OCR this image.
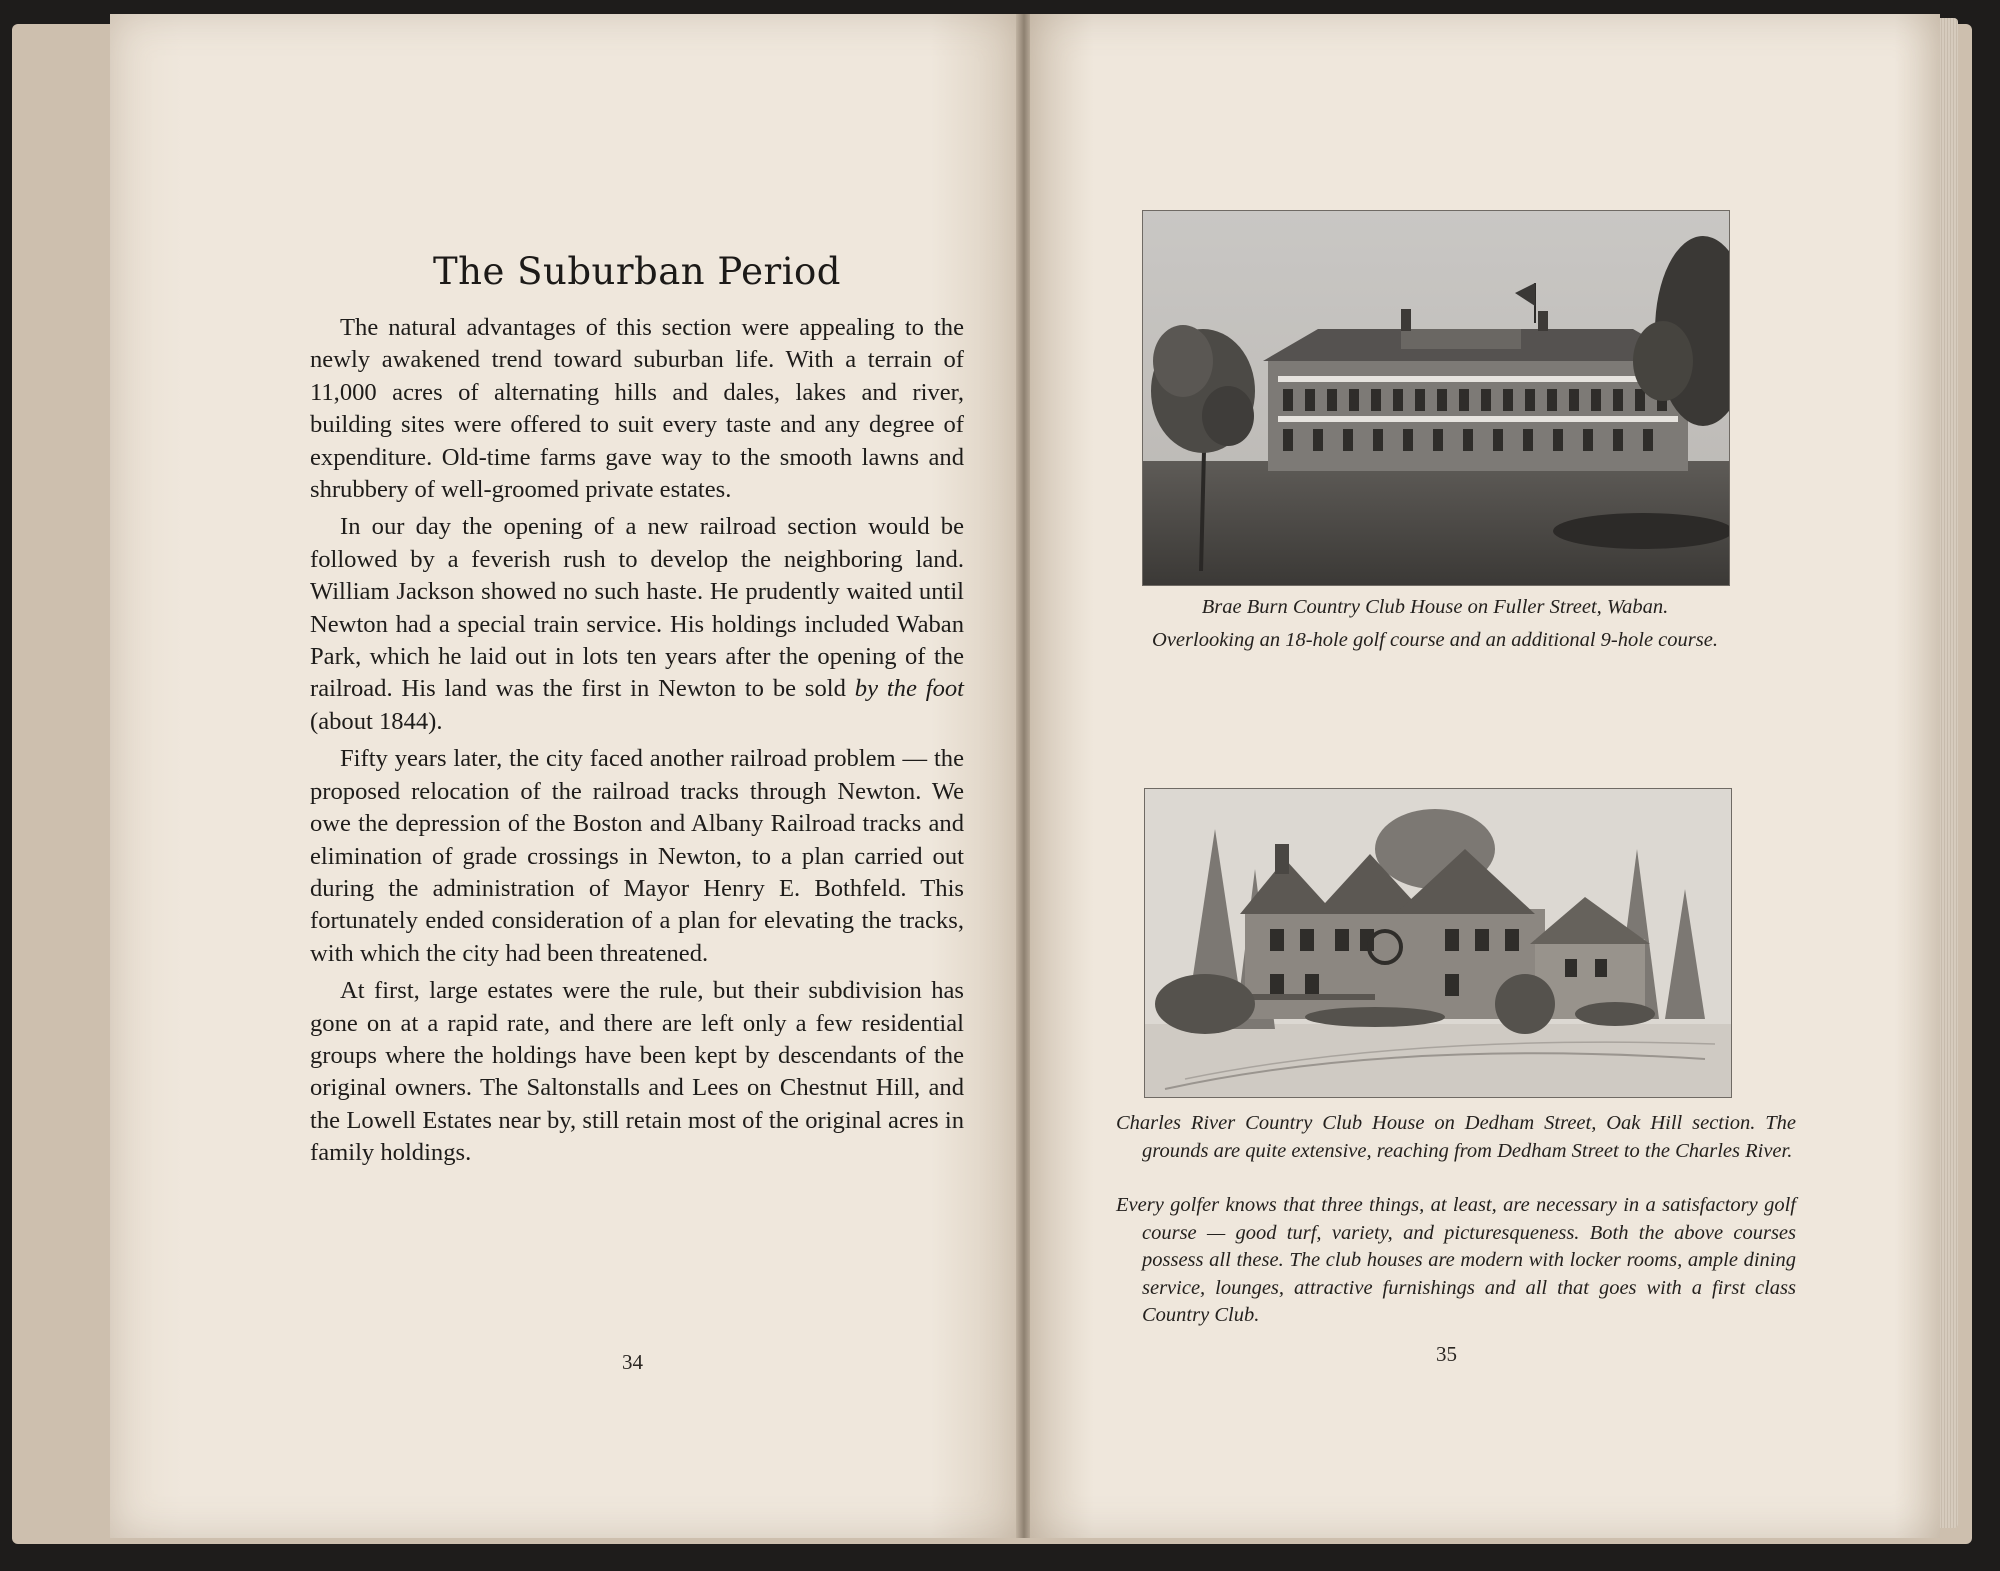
The Suburban Period

The natural advantages of this section were appealing to the newly awakened trend toward suburban life. With a terrain of 11,000 acres of alternating hills and dales, lakes and river, building sites were offered to suit every taste and any degree of expenditure. Old-time farms gave way to the smooth lawns and shrubbery of well-groomed private estates.

In our day the opening of a new railroad section would be followed by a feverish rush to develop the neighboring land. William Jackson showed no such haste. He prudently waited until Newton had a special train service. His holdings included Waban Park, which he laid out in lots ten years after the opening of the railroad. His land was the first in Newton to be sold by the foot (about 1844).

Fifty years later, the city faced another railroad problem — the proposed relocation of the railroad tracks through Newton. We owe the depression of the Boston and Albany Railroad tracks and elimination of grade crossings in Newton, to a plan carried out during the administration of Mayor Henry E. Bothfeld. This fortunately ended consideration of a plan for elevating the tracks, with which the city had been threatened.

At first, large estates were the rule, but their subdivision has gone on at a rapid rate, and there are left only a few residential groups where the holdings have been kept by descendants of the original owners. The Saltonstalls and Lees on Chestnut Hill, and the Lowell Estates near by, still retain most of the original acres in family holdings.

34

Brae Burn Country Club House on Fuller Street, Waban.

Overlooking an 18-hole golf course and an additional 9-hole course.

Charles River Country Club House on Dedham Street, Oak Hill section. The grounds are quite extensive, reaching from Dedham Street to the Charles River.

Every golfer knows that three things, at least, are necessary in a satisfactory golf course — good turf, variety, and picturesqueness. Both the above courses possess all these. The club houses are modern with locker rooms, ample dining service, lounges, attractive furnishings and all that goes with a first class Country Club.

35
